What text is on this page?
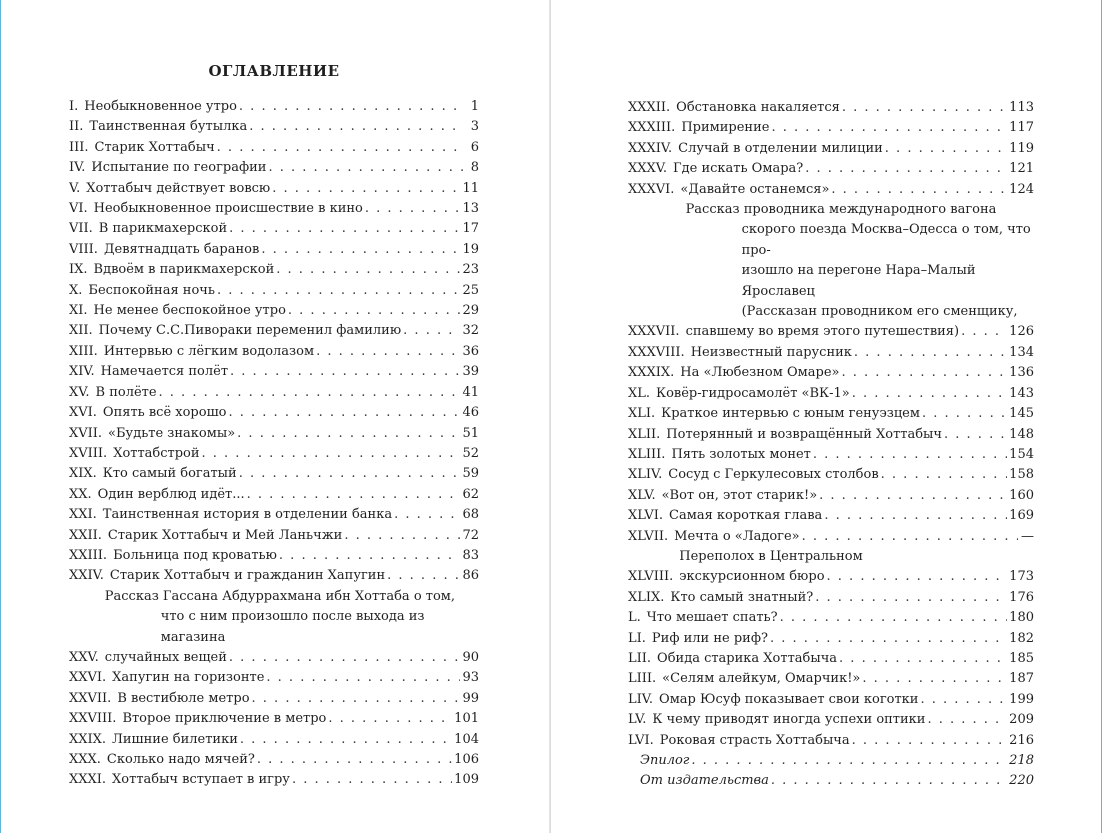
ОГЛАВЛЕНИЕ
I. Необыкновенное утро . . .	1
II. Таинственная бутылка . . .	3
III. Старик Хоттабыч . . .	6
IV. Испытание по географии . . .	8
V. Хоттабыч действует вовсю . . .	11
VI. Необыкновенное происшествие в кино . . .	13
VII. В парикмахерской . . .	17
VIII. Девятнадцать баранов . . .	19
IX. Вдвоём в парикмахерской . . .	23
X. Беспокойная ночь . . .	25
XI. Не менее беспокойное утро . . .	29
XII. Почему С.С.Пивораки переменил фамилию . . .	32
XIII. Интервью с лёгким водолазом . . .	36
XIV. Намечается полёт . . .	39
XV. В полёте . . .	41
XVI. Опять всё хорошо . . .	46
XVII. «Будьте знакомы» . . .	51
XVIII. Хоттабстрой . . .	52
XIX. Кто самый богатый . . .	59
XX. Один верблюд идёт... . . .	62
XXI. Таинственная история в отделении банка . . .	68
XXII. Старик Хоттабыч и Мей Ланьчжи . . .	72
XXIII. Больница под кроватью . . .	83
XXIV. Старик Хоттабыч и гражданин Хапугин . . .	86
XXV.
Рассказ Гассана Абдуррахмана ибн Хоттаба о том,
что с ним произошло после выхода из магазина
случайных вещей . . .	90
XXVI. Хапугин на горизонте . . .	93
XXVII. В вестибюле метро . . .	99
XXVIII. Второе приключение в метро . . .	101
XXIX. Лишние билетики . . .	104
XXX. Сколько надо мячей? . . .	106
XXXI. Хоттабыч вступает в игру . . .	109
XXXII. Обстановка накаляется . . .	113
XXXIII. Примирение . . .	117
XXXIV. Случай в отделении милиции . . .	119
XXXV. Где искать Омара? . . .	121
XXXVI. «Давайте останемся» . . .	124
XXXVII.
Рассказ проводника международного вагона
скорого поезда Москва–Одесса о том, что про-
изошло на перегоне Нара–Малый Ярославец
(Рассказан проводником его сменщику,
спавшему во время этого путешествия) . . .	126
XXXVIII. Неизвестный парусник . . .	134
XXXIX. На «Любезном Омаре» . . .	136
XL. Ковёр-гидросамолёт «ВК-1» . . .	143
XLI. Краткое интервью с юным генуэзцем . . .	145
XLII. Потерянный и возвращённый Хоттабыч . . .	148
XLIII. Пять золотых монет . . .	154
XLIV. Сосуд с Геркулесовых столбов . . .	158
XLV. «Вот он, этот старик!» . . .	160
XLVI. Самая короткая глава . . .	169
XLVII. Мечта о «Ладоге» . . .	—
XLVIII.
Переполох в Центральном
экскурсионном бюро . . .	173
XLIX. Кто самый знатный? . . .	176
L. Что мешает спать? . . .	180
LI. Риф или не риф? . . .	182
LII. Обида старика Хоттабыча . . .	185
LIII. «Селям алейкум, Омарчик!» . . .	187
LIV. Омар Юсуф показывает свои коготки . . .	199
LV. К чему приводят иногда успехи оптики . . .	209
LVI. Роковая страсть Хоттабыча . . .	216
Эпилог . . .	218
От издательства . . .	220
